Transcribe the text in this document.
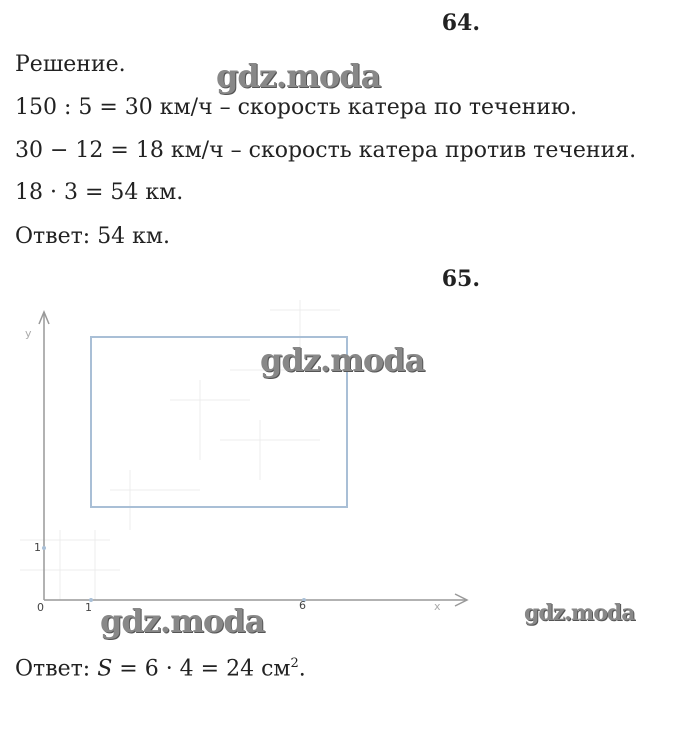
64.
Решение.
150 : 5 = 30 км/ч – скорость катера по течению.
30 − 12 = 18 км/ч – скорость катера против течения.
18 · 3 = 54 км.
Ответ: 54 км.
65.
y
x
0	1	6
1
Ответ: S = 6 · 4 = 24 $см^2$.
gdz.moda
gdz.moda
gdz.moda	gdz.moda
